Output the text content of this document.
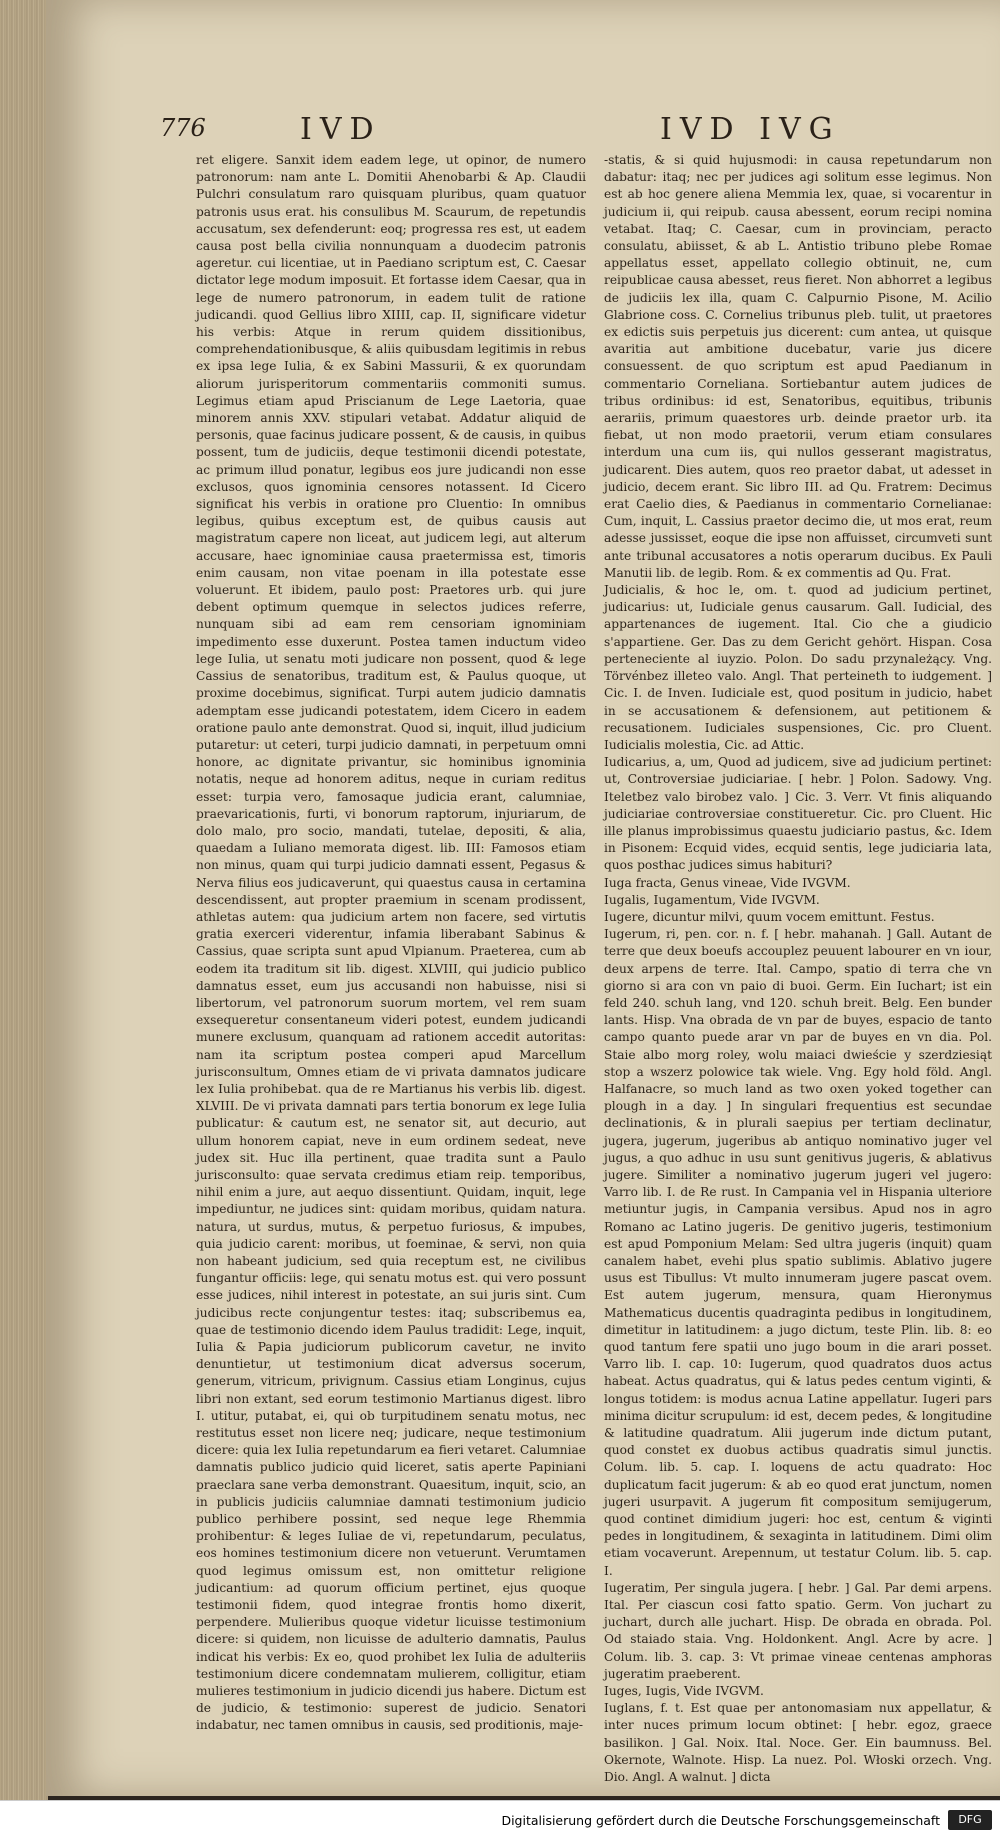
776	IVD	IVD IVG

ret eligere. Sanxit idem eadem lege, ut opinor, de numero patronorum: nam ante L. Domitii Ahenobarbi & Ap. Claudii Pulchri consulatum raro quisquam pluribus, quam quatuor patronis usus erat. his consulibus M. Scaurum, de repetundis accusatum, sex defenderunt: eoq; progressa res est, ut eadem causa post bella civilia nonnunquam a duodecim patronis ageretur. cui licentiae, ut in Paediano scriptum est, C. Caesar dictator lege modum imposuit. Et fortasse idem Caesar, qua in lege de numero patronorum, in eadem tulit de ratione judicandi. quod Gellius libro XIIII, cap. II, significare videtur his verbis: Atque in rerum quidem dissitionibus, comprehendationibusque, & aliis quibusdam legitimis in rebus ex ipsa lege Iulia, & ex Sabini Massurii, & ex quorundam aliorum jurisperitorum commentariis commoniti sumus. Legimus etiam apud Priscianum de Lege Laetoria, quae minorem annis XXV. stipulari vetabat. Addatur aliquid de personis, quae facinus judicare possent, & de causis, in quibus possent, tum de judiciis, deque testimonii dicendi potestate, ac primum illud ponatur, legibus eos jure judicandi non esse exclusos, quos ignominia censores notassent. Id Cicero significat his verbis in oratione pro Cluentio: In omnibus legibus, quibus exceptum est, de quibus causis aut magistratum capere non liceat, aut judicem legi, aut alterum accusare, haec ignominiae causa praetermissa est, timoris enim causam, non vitae poenam in illa potestate esse voluerunt. Et ibidem, paulo post: Praetores urb. qui jure debent optimum quemque in selectos judices referre, nunquam sibi ad eam rem censoriam ignominiam impedimento esse duxerunt. Postea tamen inductum video lege Iulia, ut senatu moti judicare non possent, quod & lege Cassius de senatoribus, traditum est, & Paulus quoque, ut proxime docebimus, significat. Turpi autem judicio damnatis ademptam esse judicandi potestatem, idem Cicero in eadem oratione paulo ante demonstrat. Quod si, inquit, illud judicium putaretur: ut ceteri, turpi judicio damnati, in perpetuum omni honore, ac dignitate privantur, sic hominibus ignominia notatis, neque ad honorem aditus, neque in curiam reditus esset: turpia vero, famosaque judicia erant, calumniae, praevaricationis, furti, vi bonorum raptorum, injuriarum, de dolo malo, pro socio, mandati, tutelae, depositi, & alia, quaedam a Iuliano memorata digest. lib. III: Famosos etiam non minus, quam qui turpi judicio damnati essent, Pegasus & Nerva filius eos judicaverunt, qui quaestus causa in certamina descendissent, aut propter praemium in scenam prodissent, athletas autem: qua judicium artem non facere, sed virtutis gratia exerceri viderentur, infamia liberabant Sabinus & Cassius, quae scripta sunt apud Vlpianum. Praeterea, cum ab eodem ita traditum sit lib. digest. XLVIII, qui judicio publico damnatus esset, eum jus accusandi non habuisse, nisi si libertorum, vel patronorum suorum mortem, vel rem suam exsequeretur consentaneum videri potest, eundem judicandi munere exclusum, quanquam ad rationem accedit autoritas: nam ita scriptum postea comperi apud Marcellum jurisconsultum, Omnes etiam de vi privata damnatos judicare lex Iulia prohibebat. qua de re Martianus his verbis lib. digest. XLVIII. De vi privata damnati pars tertia bonorum ex lege Iulia publicatur: & cautum est, ne senator sit, aut decurio, aut ullum honorem capiat, neve in eum ordinem sedeat, neve judex sit. Huc illa pertinent, quae tradita sunt a Paulo jurisconsulto: quae servata credimus etiam reip. temporibus, nihil enim a jure, aut aequo dissentiunt. Quidam, inquit, lege impediuntur, ne judices sint: quidam moribus, quidam natura. natura, ut surdus, mutus, & perpetuo furiosus, & impubes, quia judicio carent: moribus, ut foeminae, & servi, non quia non habeant judicium, sed quia receptum est, ne civilibus fungantur officiis: lege, qui senatu motus est. qui vero possunt esse judices, nihil interest in potestate, an sui juris sint. Cum judicibus recte conjungentur testes: itaq; subscribemus ea, quae de testimonio dicendo idem Paulus tradidit: Lege, inquit, Iulia & Papia judiciorum publicorum cavetur, ne invito denuntietur, ut testimonium dicat adversus socerum, generum, vitricum, privignum. Cassius etiam Longinus, cujus libri non extant, sed eorum testimonio Martianus digest. libro I. utitur, putabat, ei, qui ob turpitudinem senatu motus, nec restitutus esset non licere neq; judicare, neque testimonium dicere: quia lex Iulia repetundarum ea fieri vetaret. Calumniae damnatis publico judicio quid liceret, satis aperte Papiniani praeclara sane verba demonstrant. Quaesitum, inquit, scio, an in publicis judiciis calumniae damnati testimonium judicio publico perhibere possint, sed neque lege Rhemmia prohibentur: & leges Iuliae de vi, repetundarum, peculatus, eos homines testimonium dicere non vetuerunt. Verumtamen quod legimus omissum est, non omittetur religione judicantium: ad quorum officium pertinet, ejus quoque testimonii fidem, quod integrae frontis homo dixerit, perpendere. Mulieribus quoque videtur licuisse testimonium dicere: si quidem, non licuisse de adulterio damnatis, Paulus indicat his verbis: Ex eo, quod prohibet lex Iulia de adulteriis testimonium dicere condemnatam mulierem, colligitur, etiam mulieres testimonium in judicio dicendi jus habere. Dictum est de judicio, & testimonio: superest de judicio. Senatori indabatur, nec tamen omnibus in causis, sed proditionis, maje-

-statis, & si quid hujusmodi: in causa repetundarum non dabatur: itaq; nec per judices agi solitum esse legimus. Non est ab hoc genere aliena Memmia lex, quae, si vocarentur in judicium ii, qui reipub. causa abessent, eorum recipi nomina vetabat. Itaq; C. Caesar, cum in provinciam, peracto consulatu, abiisset, & ab L. Antistio tribuno plebe Romae appellatus esset, appellato collegio obtinuit, ne, cum reipublicae causa abesset, reus fieret. Non abhorret a legibus de judiciis lex illa, quam C. Calpurnio Pisone, M. Acilio Glabrione coss. C. Cornelius tribunus pleb. tulit, ut praetores ex edictis suis perpetuis jus dicerent: cum antea, ut quisque avaritia aut ambitione ducebatur, varie jus dicere consuessent. de quo scriptum est apud Paedianum in commentario Corneliana. Sortiebantur autem judices de tribus ordinibus: id est, Senatoribus, equitibus, tribunis aerariis, primum quaestores urb. deinde praetor urb. ita fiebat, ut non modo praetorii, verum etiam consulares interdum una cum iis, qui nullos gesserant magistratus, judicarent. Dies autem, quos reo praetor dabat, ut adesset in judicio, decem erant. Sic libro III. ad Qu. Fratrem: Decimus erat Caelio dies, & Paedianus in commentario Cornelianae: Cum, inquit, L. Cassius praetor decimo die, ut mos erat, reum adesse jussisset, eoque die ipse non affuisset, circumveti sunt ante tribunal accusatores a notis operarum ducibus. Ex Pauli Manutii lib. de legib. Rom. & ex commentis ad Qu. Frat.

Judicialis, & hoc le, om. t. quod ad judicium pertinet, judicarius: ut, Iudiciale genus causarum. Gall. Iudicial, des appartenances de iugement. Ital. Cio che a giudicio s'appartiene. Ger. Das zu dem Gericht gehört. Hispan. Cosa perteneciente al iuyzio. Polon. Do sadu przynależący. Vng. Törvénbez illeteo valo. Angl. That perteineth to iudgement. ] Cic. I. de Inven. Iudiciale est, quod positum in judicio, habet in se accusationem & defensionem, aut petitionem & recusationem. Iudiciales suspensiones, Cic. pro Cluent. Iudicialis molestia, Cic. ad Attic.

Iudicarius, a, um, Quod ad judicem, sive ad judicium pertinet: ut, Controversiae judiciariae. [ hebr. ] Polon. Sadowy. Vng. Iteletbez valo birobez valo. ] Cic. 3. Verr. Vt finis aliquando judiciariae controversiae constitueretur. Cic. pro Cluent. Hic ille planus improbissimus quaestu judiciario pastus, &c. Idem in Pisonem: Ecquid vides, ecquid sentis, lege judiciaria lata, quos posthac judices simus habituri?

Iuga fracta, Genus vineae, Vide IVGVM.

Iugalis, Iugamentum, Vide IVGVM.

Iugere, dicuntur milvi, quum vocem emittunt. Festus.

Iugerum, ri, pen. cor. n. f. [ hebr. mahanah. ] Gall. Autant de terre que deux boeufs accouplez peuuent labourer en vn iour, deux arpens de terre. Ital. Campo, spatio di terra che vn giorno si ara con vn paio di buoi. Germ. Ein Iuchart; ist ein feld 240. schuh lang, vnd 120. schuh breit. Belg. Een bunder lants. Hisp. Vna obrada de vn par de buyes, espacio de tanto campo quanto puede arar vn par de buyes en vn dia. Pol. Staie albo morg roley, wolu maiaci dwieście y szerdziesiąt stop a wszerz polowice tak wiele. Vng. Egy hold föld. Angl. Halfanacre, so much land as two oxen yoked together can plough in a day. ] In singulari frequentius est secundae declinationis, & in plurali saepius per tertiam declinatur, jugera, jugerum, jugeribus ab antiquo nominativo juger vel jugus, a quo adhuc in usu sunt genitivus jugeris, & ablativus jugere. Similiter a nominativo jugerum jugeri vel jugero: Varro lib. I. de Re rust. In Campania vel in Hispania ulteriore metiuntur jugis, in Campania versibus. Apud nos in agro Romano ac Latino jugeris. De genitivo jugeris, testimonium est apud Pomponium Melam: Sed ultra jugeris (inquit) quam canalem habet, evehi plus spatio sublimis. Ablativo jugere usus est Tibullus: Vt multo innumeram jugere pascat ovem. Est autem jugerum, mensura, quam Hieronymus Mathematicus ducentis quadraginta pedibus in longitudinem, dimetitur in latitudinem: a jugo dictum, teste Plin. lib. 8: eo quod tantum fere spatii uno jugo boum in die arari posset. Varro lib. I. cap. 10: Iugerum, quod quadratos duos actus habeat. Actus quadratus, qui & latus pedes centum viginti, & longus totidem: is modus acnua Latine appellatur. Iugeri pars minima dicitur scrupulum: id est, decem pedes, & longitudine & latitudine quadratum. Alii jugerum inde dictum putant, quod constet ex duobus actibus quadratis simul junctis. Colum. lib. 5. cap. I. loquens de actu quadrato: Hoc duplicatum facit jugerum: & ab eo quod erat junctum, nomen jugeri usurpavit. A jugerum fit compositum semijugerum, quod continet dimidium jugeri: hoc est, centum & viginti pedes in longitudinem, & sexaginta in latitudinem. Dimi olim etiam vocaverunt. Arepennum, ut testatur Colum. lib. 5. cap. I.

Iugeratim, Per singula jugera. [ hebr. ] Gal. Par demi arpens. Ital. Per ciascun cosi fatto spatio. Germ. Von juchart zu juchart, durch alle juchart. Hisp. De obrada en obrada. Pol. Od staiado staia. Vng. Holdonkent. Angl. Acre by acre. ] Colum. lib. 3. cap. 3: Vt primae vineae centenas amphoras jugeratim praeberent.

Iuges, Iugis, Vide IVGVM.

Iuglans, f. t. Est quae per antonomasiam nux appellatur, & inter nuces primum locum obtinet: [ hebr. egoz, graece basilikon. ] Gal. Noix. Ital. Noce. Ger. Ein baumnuss. Bel. Okernote, Walnote. Hisp. La nuez. Pol. Włoski orzech. Vng. Dio. Angl. A walnut. ] dicta

Digitalisierung gefördert durch die Deutsche Forschungsgemeinschaft	DFG
